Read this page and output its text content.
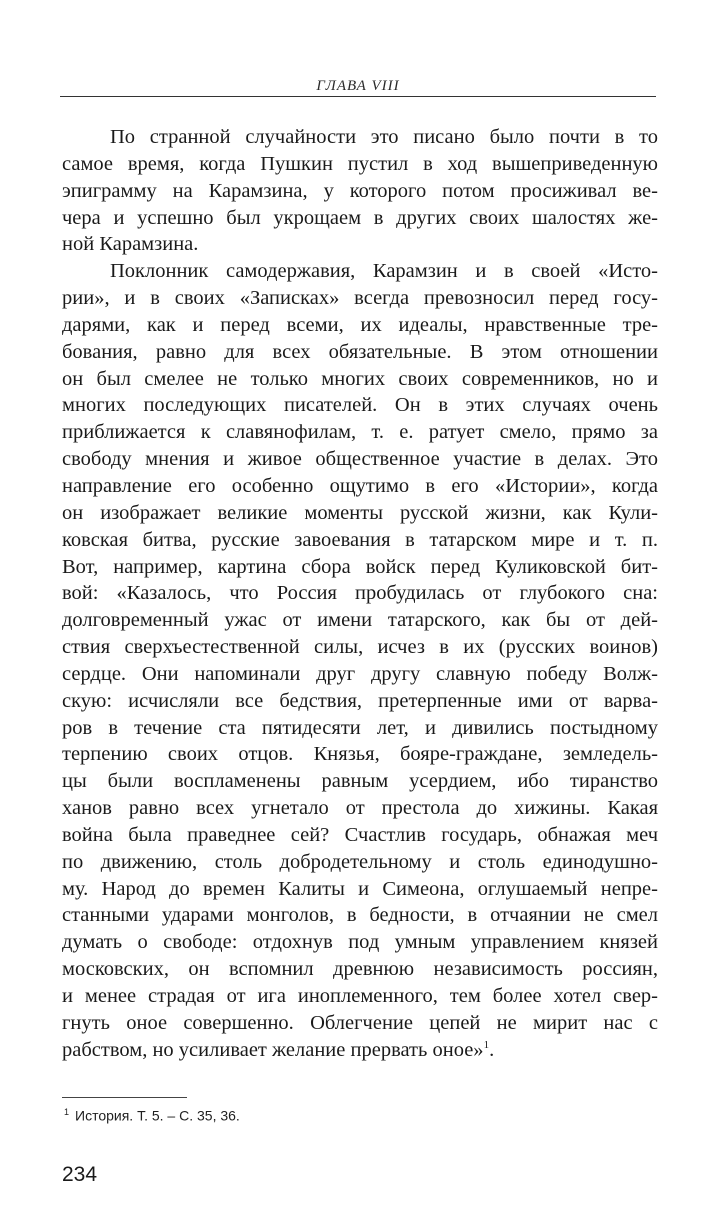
ГЛАВА VIII
По странной случайности это писано было почти в то
самое время, когда Пушкин пустил в ход вышеприведенную
эпиграмму на Карамзина, у которого потом просиживал ве-
чера и успешно был укрощаем в других своих шалостях же-
ной Карамзина.
Поклонник самодержавия, Карамзин и в своей «Исто-
рии», и в своих «Записках» всегда превозносил перед госу-
дарями, как и перед всеми, их идеалы, нравственные тре-
бования, равно для всех обязательные. В этом отношении
он был смелее не только многих своих современников, но и
многих последующих писателей. Он в этих случаях очень
приближается к славянофилам, т. е. ратует смело, прямо за
свободу мнения и живое общественное участие в делах. Это
направление его особенно ощутимо в его «Истории», когда
он изображает великие моменты русской жизни, как Кули-
ковская битва, русские завоевания в татарском мире и т. п.
Вот, например, картина сбора войск перед Куликовской бит-
вой: «Казалось, что Россия пробудилась от глубокого сна:
долговременный ужас от имени татарского, как бы от дей-
ствия сверхъестественной силы, исчез в их (русских воинов)
сердце. Они напоминали друг другу славную победу Волж-
скую: исчисляли все бедствия, претерпенные ими от варва-
ров в течение ста пятидесяти лет, и дивились постыдному
терпению своих отцов. Князья, бояре-граждане, земледель-
цы были воспламенены равным усердием, ибо тиранство
ханов равно всех угнетало от престола до хижины. Какая
война была праведнее сей? Счастлив государь, обнажая меч
по движению, столь добродетельному и столь единодушно-
му. Народ до времен Калиты и Симеона, оглушаемый непре-
станными ударами монголов, в бедности, в отчаянии не смел
думать о свободе: отдохнув под умным управлением князей
московских, он вспомнил древнюю независимость россиян,
и менее страдая от ига иноплеменного, тем более хотел свер-
гнуть оное совершенно. Облегчение цепей не мирит нас с
рабством, но усиливает желание прервать оное»$^1$.
$^1$ История. Т. 5. – С. 35, 36.
234
